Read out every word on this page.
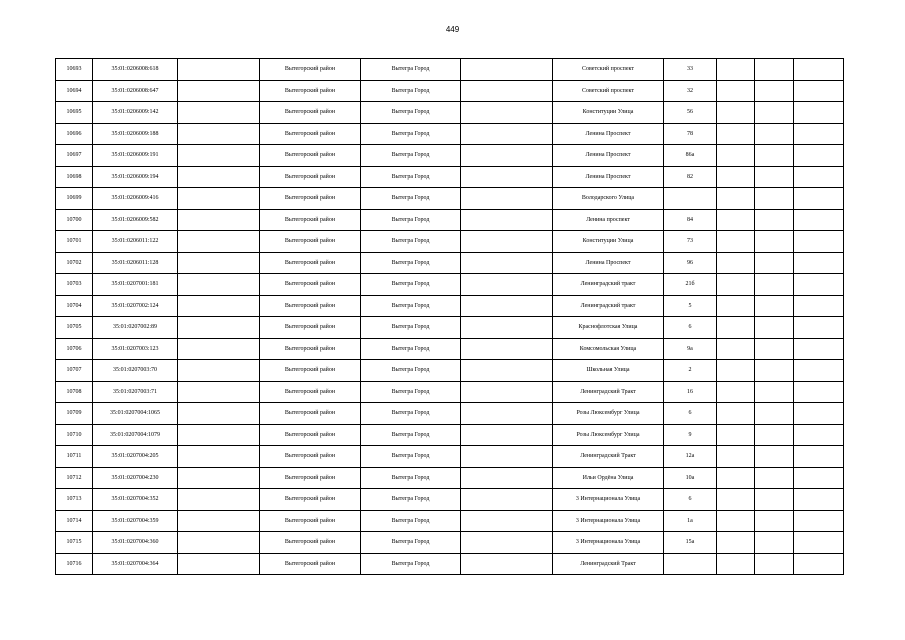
449
10693	35:01:0206008:618		Вытегорский район	Вытегра Город		Советский проспект	33			
10694	35:01:0206008:647		Вытегорский район	Вытегра Город		Советский проспект	32			
10695	35:01:0206009:142		Вытегорский район	Вытегра Город		Конституции Улица	56			
10696	35:01:0206009:188		Вытегорский район	Вытегра Город		Ленина Проспект	78			
10697	35:01:0206009:191		Вытегорский район	Вытегра Город		Ленина Проспект	86а			
10698	35:01:0206009:194		Вытегорский район	Вытегра Город		Ленина Проспект	82			
10699	35:01:0206009:416		Вытегорский район	Вытегра Город		Володарского Улица				
10700	35:01:0206009:582		Вытегорский район	Вытегра Город		Ленина проспект	84			
10701	35:01:0206011:122		Вытегорский район	Вытегра Город		Конституции Улица	73			
10702	35:01:0206011:128		Вытегорский район	Вытегра Город		Ленина Проспект	96			
10703	35:01:0207001:181		Вытегорский район	Вытегра Город		Ленинградский тракт	21б			
10704	35:01:0207002:124		Вытегорский район	Вытегра Город		Ленинградский тракт	5			
10705	35:01:0207002:89		Вытегорский район	Вытегра Город		Краснофлотская Улица	6			
10706	35:01:0207003:123		Вытегорский район	Вытегра Город		Комсомольская Улица	9а			
10707	35:01:0207003:70		Вытегорский район	Вытегра Город		Школьная Улица	2			
10708	35:01:0207003:71		Вытегорский район	Вытегра Город		Ленинградский Тракт	16			
10709	35:01:0207004:1065		Вытегорский район	Вытегра Город		Розы Люксембург Улица	6			
10710	35:01:0207004:1079		Вытегорский район	Вытегра Город		Розы Люксембург Улица	9			
10711	35:01:0207004:205		Вытегорский район	Вытегра Город		Ленинградский Тракт	12а			
10712	35:01:0207004:230		Вытегорский район	Вытегра Город		Ильи Ордёна Улица	10а			
10713	35:01:0207004:352		Вытегорский район	Вытегра Город		3 Интернационала Улица	6			
10714	35:01:0207004:359		Вытегорский район	Вытегра Город		3 Интернационала Улица	1а			
10715	35:01:0207004:360		Вытегорский район	Вытегра Город		3 Интернационала Улица	15а			
10716	35:01:0207004:364		Вытегорский район	Вытегра Город		Ленинградский Тракт				
